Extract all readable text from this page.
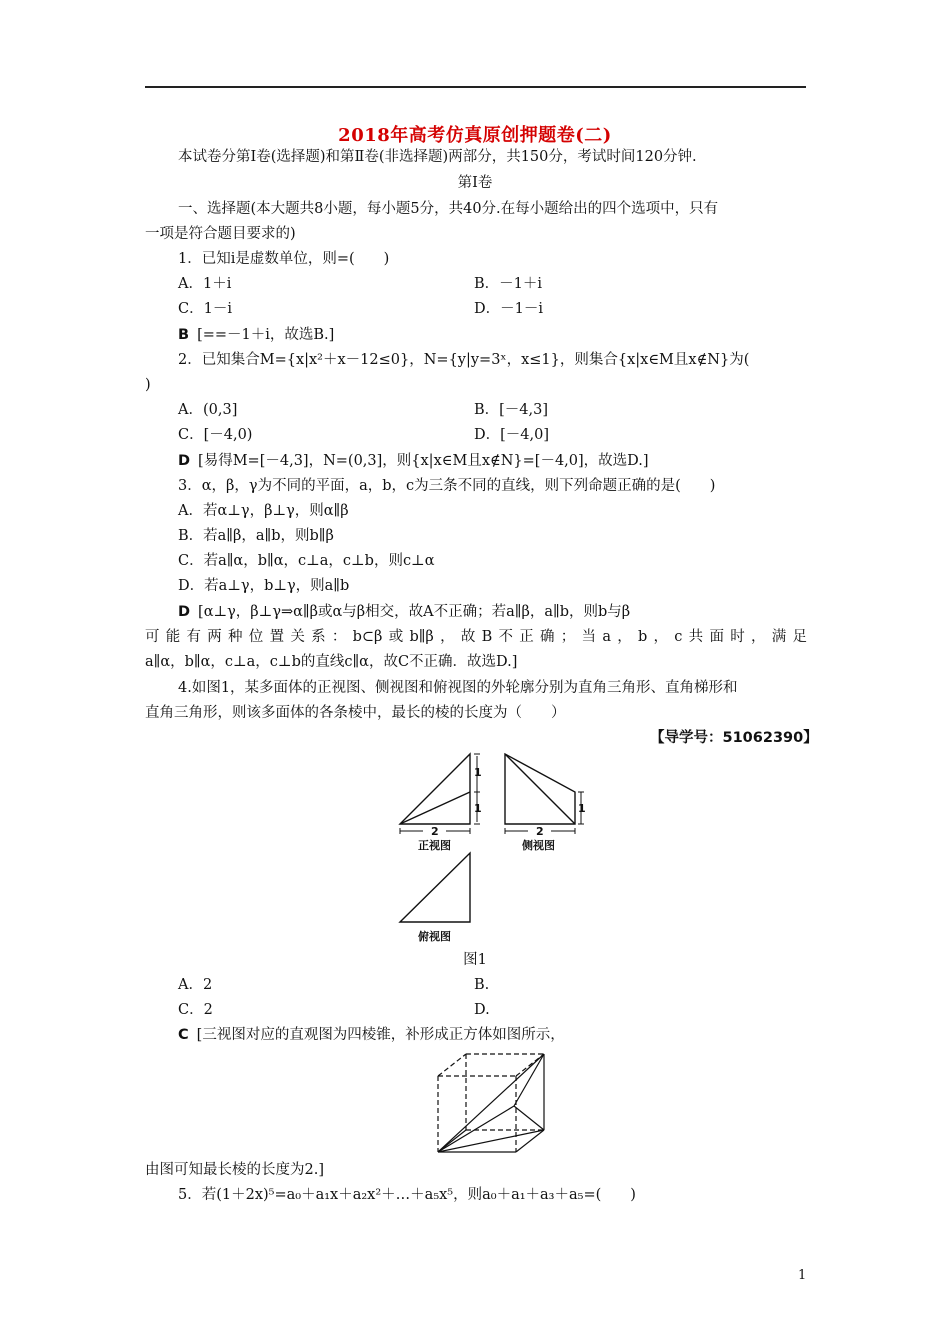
2018年高考仿真原创押题卷(二)
本试卷分第Ⅰ卷(选择题)和第Ⅱ卷(非选择题)两部分，共150分，考试时间120分钟.
第Ⅰ卷
一、选择题(本大题共8小题，每小题5分，共40分.在每小题给出的四个选项中，只有
一项是符合题目要求的)
1．已知i是虚数单位，则=(　　)
A．1＋i	B．－1＋i
C．1－i	D．－1－i
B [==－1＋i，故选B.]
2．已知集合M={x|x²＋x－12≤0}，N={y|y=3ˣ，x≤1}，则集合{x|x∈M且x∉N}为(
)
A．(0,3]	B．[－4,3]
C．[－4,0)	D．[－4,0]
D [易得M=[－4,3]，N=(0,3]，则{x|x∈M且x∉N}=[－4,0]，故选D.]
3．α，β，γ为不同的平面，a，b，c为三条不同的直线，则下列命题正确的是(　　)
A．若α⊥γ，β⊥γ，则α∥β
B．若a∥β，a∥b，则b∥β
C．若a∥α，b∥α，c⊥a，c⊥b，则c⊥α
D．若a⊥γ，b⊥γ，则a∥b
D [α⊥γ，β⊥γ⇒α∥β或α与β相交，故A不正确；若a∥β，a∥b，则b与β
可能有两种位置关系：b⊂β或b∥β，故B不正确；当a，b，c共面时，满足
a∥α，b∥α，c⊥a，c⊥b的直线c∥α，故C不正确．故选D.]
4.如图1，某多面体的正视图、侧视图和俯视图的外轮廓分别为直角三角形、直角梯形和
直角三角形，则该多面体的各条棱中，最长的棱的长度为（　　）
【导学号：51062390】
1
1
2	2
1
正视图	侧视图
俯视图
图1
A．2	B.
C．2	D.
C [三视图对应的直观图为四棱锥，补形成正方体如图所示，
由图可知最长棱的长度为2.]
5．若(1＋2x)⁵=a₀＋a₁x＋a₂x²＋…＋a₅x⁵，则a₀＋a₁＋a₃＋a₅=(　　)
1
